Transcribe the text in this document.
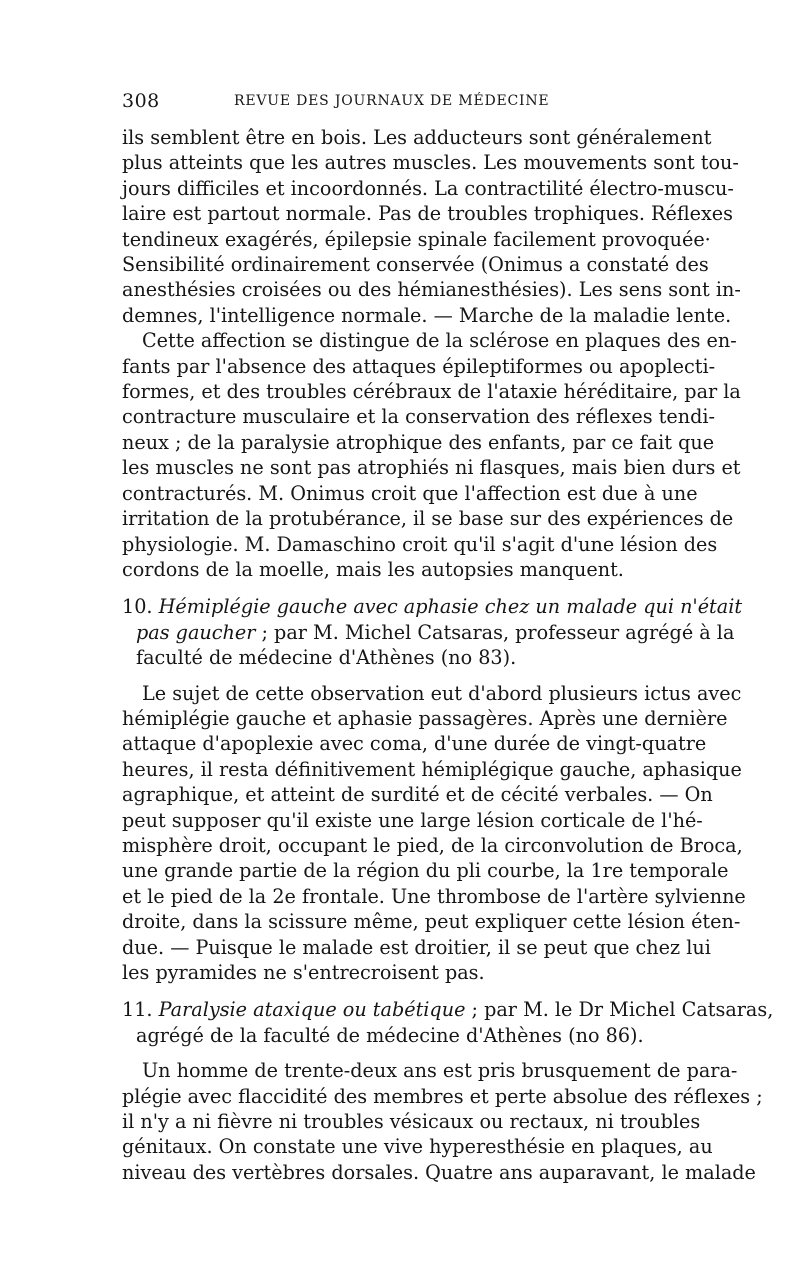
308	REVUE DES JOURNAUX DE MÉDECINE

ils semblent être en bois. Les adducteurs sont généralement
plus atteints que les autres muscles. Les mouvements sont tou-
jours difficiles et incoordonnés. La contractilité électro-muscu-
laire est partout normale. Pas de troubles trophiques. Réflexes
tendineux exagérés, épilepsie spinale facilement provoquée·
Sensibilité ordinairement conservée (Onimus a constaté des
anesthésies croisées ou des hémianesthésies). Les sens sont in-
demnes, l'intelligence normale. — Marche de la maladie lente.

Cette affection se distingue de la sclérose en plaques des en-
fants par l'absence des attaques épileptiformes ou apoplecti-
formes, et des troubles cérébraux de l'ataxie héréditaire, par la
contracture musculaire et la conservation des réflexes tendi-
neux ; de la paralysie atrophique des enfants, par ce fait que
les muscles ne sont pas atrophiés ni flasques, mais bien durs et
contracturés. M. Onimus croit que l'affection est due à une
irritation de la protubérance, il se base sur des expériences de
physiologie. M. Damaschino croit qu'il s'agit d'une lésion des
cordons de la moelle, mais les autopsies manquent.

10. Hémiplégie gauche avec aphasie chez un malade qui n'était
pas gaucher ; par M. Michel Catsaras, professeur agrégé à la
faculté de médecine d'Athènes (no 83).

Le sujet de cette observation eut d'abord plusieurs ictus avec
hémiplégie gauche et aphasie passagères. Après une dernière
attaque d'apoplexie avec coma, d'une durée de vingt-quatre
heures, il resta définitivement hémiplégique gauche, aphasique
agraphique, et atteint de surdité et de cécité verbales. — On
peut supposer qu'il existe une large lésion corticale de l'hé-
misphère droit, occupant le pied, de la circonvolution de Broca,
une grande partie de la région du pli courbe, la 1re temporale
et le pied de la 2e frontale. Une thrombose de l'artère sylvienne
droite, dans la scissure même, peut expliquer cette lésion éten-
due. — Puisque le malade est droitier, il se peut que chez lui
les pyramides ne s'entrecroisent pas.

11. Paralysie ataxique ou tabétique ; par M. le Dr Michel Catsaras,
agrégé de la faculté de médecine d'Athènes (no 86).

Un homme de trente-deux ans est pris brusquement de para-
plégie avec flaccidité des membres et perte absolue des réflexes ;
il n'y a ni fièvre ni troubles vésicaux ou rectaux, ni troubles
génitaux. On constate une vive hyperesthésie en plaques, au
niveau des vertèbres dorsales. Quatre ans auparavant, le malade
